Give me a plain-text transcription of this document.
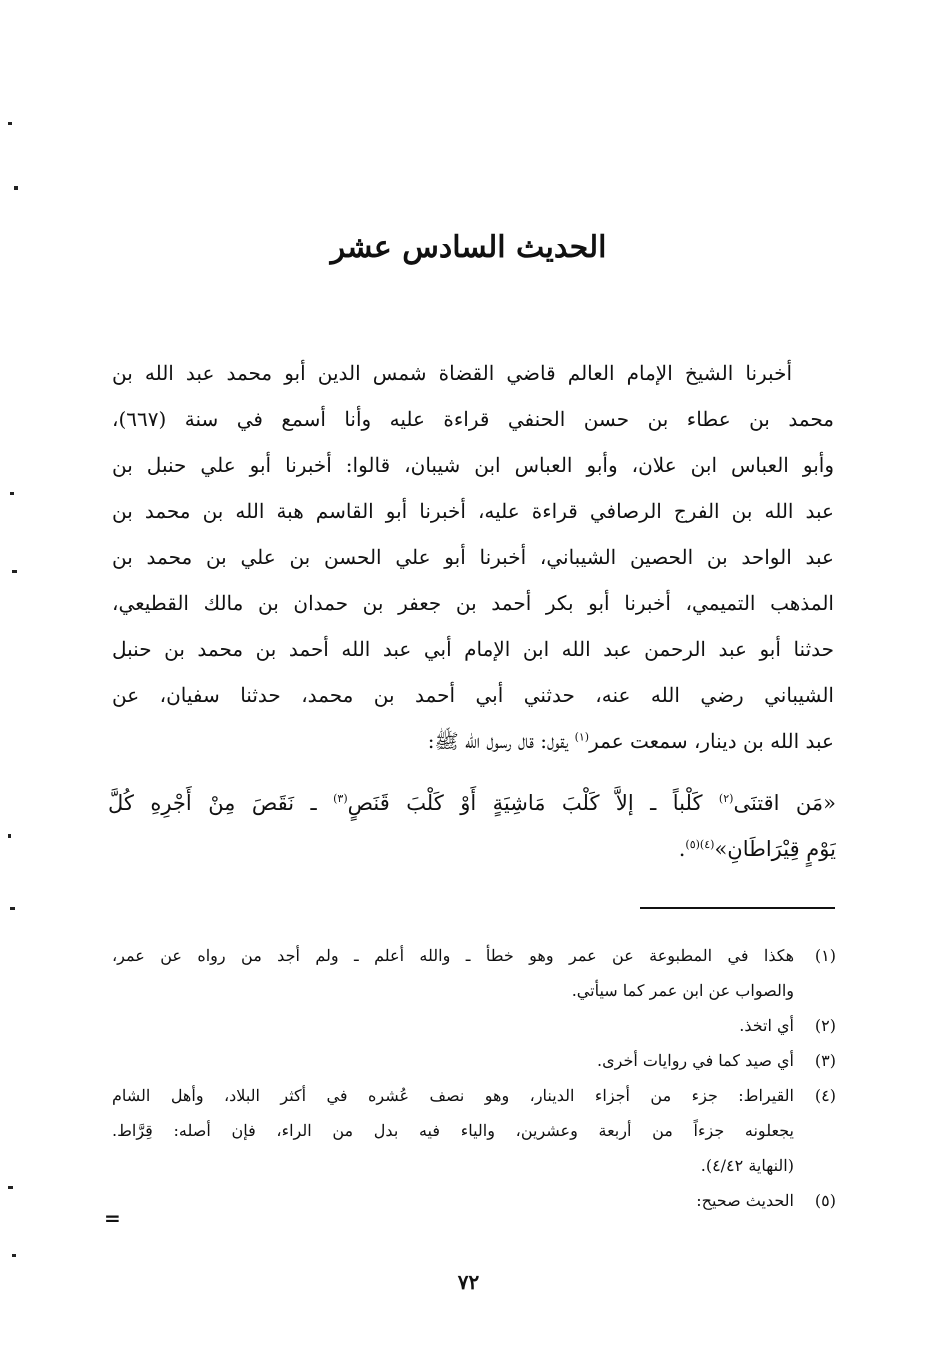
الحديث السادس عشر
أخبرنا الشيخ الإمام العالم قاضي القضاة شمس الدين أبو محمد عبد الله بن
محمد بن عطاء بن حسن الحنفي قراءة عليه وأنا أسمع في سنة (٦٦٧)،
وأبو العباس ابن علان، وأبو العباس ابن شيبان، قالوا: أخبرنا أبو علي حنبل بن
عبد الله بن الفرج الرصافي قراءة عليه، أخبرنا أبو القاسم هبة الله بن محمد بن
عبد الواحد بن الحصين الشيباني، أخبرنا أبو علي الحسن بن علي بن محمد بن
المذهب التميمي، أخبرنا أبو بكر أحمد بن جعفر بن حمدان بن مالك القطيعي،
حدثنا أبو عبد الرحمن عبد الله ابن الإمام أبي عبد الله أحمد بن محمد بن حنبل
الشيباني رضي الله عنه، حدثني أبي أحمد بن محمد، حدثنا سفيان، عن
عبد الله بن دينار، سمعت عمر$^{(١)}$ يقول: قال رسول الله ﷺ:
«مَن اقتنَى$^{(٢)}$ كَلْباً ـ إلاَّ كَلْبَ مَاشِيَةٍ أَوْ كَلْبَ قَنَصٍ$^{(٣)}$ ـ نَقَصَ مِنْ أَجْرِهِ كُلَّ
يَوْمٍ قِيْرَاطَانِ»$^{(٤)(٥)}$.
(١)
هكذا في المطبوعة عن عمر وهو خطأ ـ والله أعلم ـ ولم أجد من رواه عن عمر،
والصواب عن ابن عمر كما سيأتي.
(٢)
أي اتخذ.
(٣)
أي صيد كما في روايات أخرى.
(٤)
القيراط: جزء من أجزاء الدينار، وهو نصف عُشره في أكثر البلاد، وأهل الشام
يجعلونه جزءاً من أربعة وعشرين، والياء فيه بدل من الراء، فإن أصله: قِرَّاط.
(النهاية ٤/٤٢).
(٥)
الحديث صحيح:
=
٧٢
